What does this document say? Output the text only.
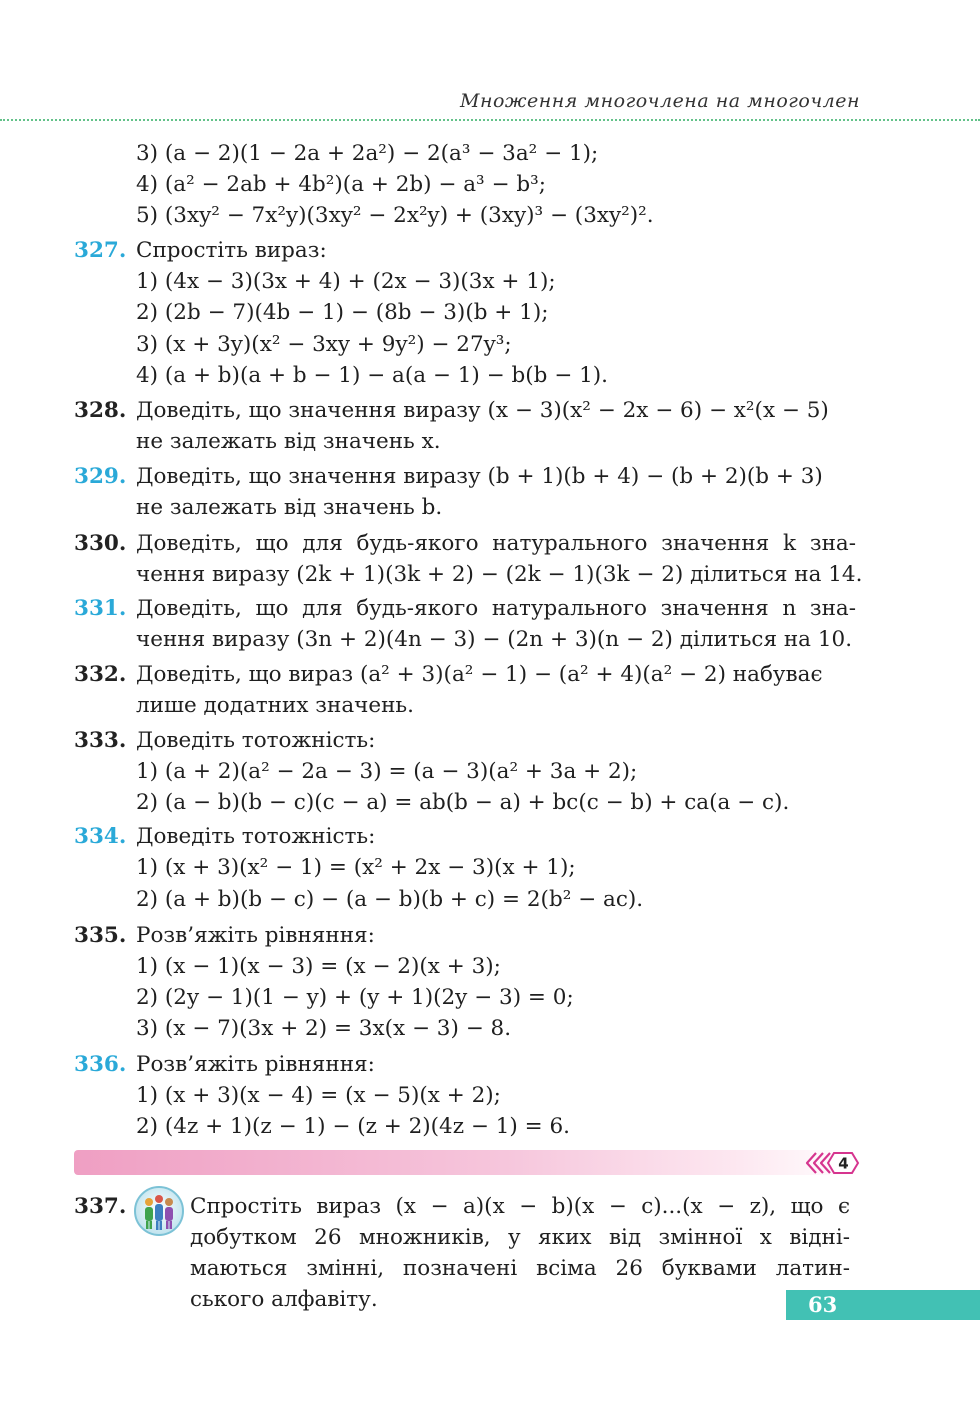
Множення многочлена на многочлен
3) (a − 2)(1 − 2a + 2a²) − 2(a³ − 3a² − 1);
4) (a² − 2ab + 4b²)(a + 2b) − a³ − b³;
5) (3xy² − 7x²y)(3xy² − 2x²y) + (3xy)³ − (3xy²)².
327. Спростіть вираз:
1) (4x − 3)(3x + 4) + (2x − 3)(3x + 1);
2) (2b − 7)(4b − 1) − (8b − 3)(b + 1);
3) (x + 3y)(x² − 3xy + 9y²) − 27y³;
4) (a + b)(a + b − 1) − a(a − 1) − b(b − 1).
328. Доведіть, що значення виразу (x − 3)(x² − 2x − 6) − x²(x − 5)
не залежать від значень x.
329. Доведіть, що значення виразу (b + 1)(b + 4) − (b + 2)(b + 3)
не залежать від значень b.
330. Доведіть, що для будь-якого натурального значення k зна-
чення виразу (2k + 1)(3k + 2) − (2k − 1)(3k − 2) ділиться на 14.
331. Доведіть, що для будь-якого натурального значення n зна-
чення виразу (3n + 2)(4n − 3) − (2n + 3)(n − 2) ділиться на 10.
332. Доведіть, що вираз (a² + 3)(a² − 1) − (a² + 4)(a² − 2) набуває
лише додатних значень.
333. Доведіть тотожність:
1) (a + 2)(a² − 2a − 3) = (a − 3)(a² + 3a + 2);
2) (a − b)(b − c)(c − a) = ab(b − a) + bc(c − b) + ca(a − c).
334. Доведіть тотожність:
1) (x + 3)(x² − 1) = (x² + 2x − 3)(x + 1);
2) (a + b)(b − c) − (a − b)(b + c) = 2(b² − ac).
335. Розв’яжіть рівняння:
1) (x − 1)(x − 3) = (x − 2)(x + 3);
2) (2y − 1)(1 − y) + (y + 1)(2y − 3) = 0;
3) (x − 7)(3x + 2) = 3x(x − 3) − 8.
336. Розв’яжіть рівняння:
1) (x + 3)(x − 4) = (x − 5)(x + 2);
2) (4z + 1)(z − 1) − (z + 2)(4z − 1) = 6.
4
337.	Спростіть вираз (x − a)(x − b)(x − c)...(x − z), що є
добутком 26 множників, у яких від змінної x відні-
маються змінні, позначені всіма 26 буквами латин-
ського алфавіту.	63
